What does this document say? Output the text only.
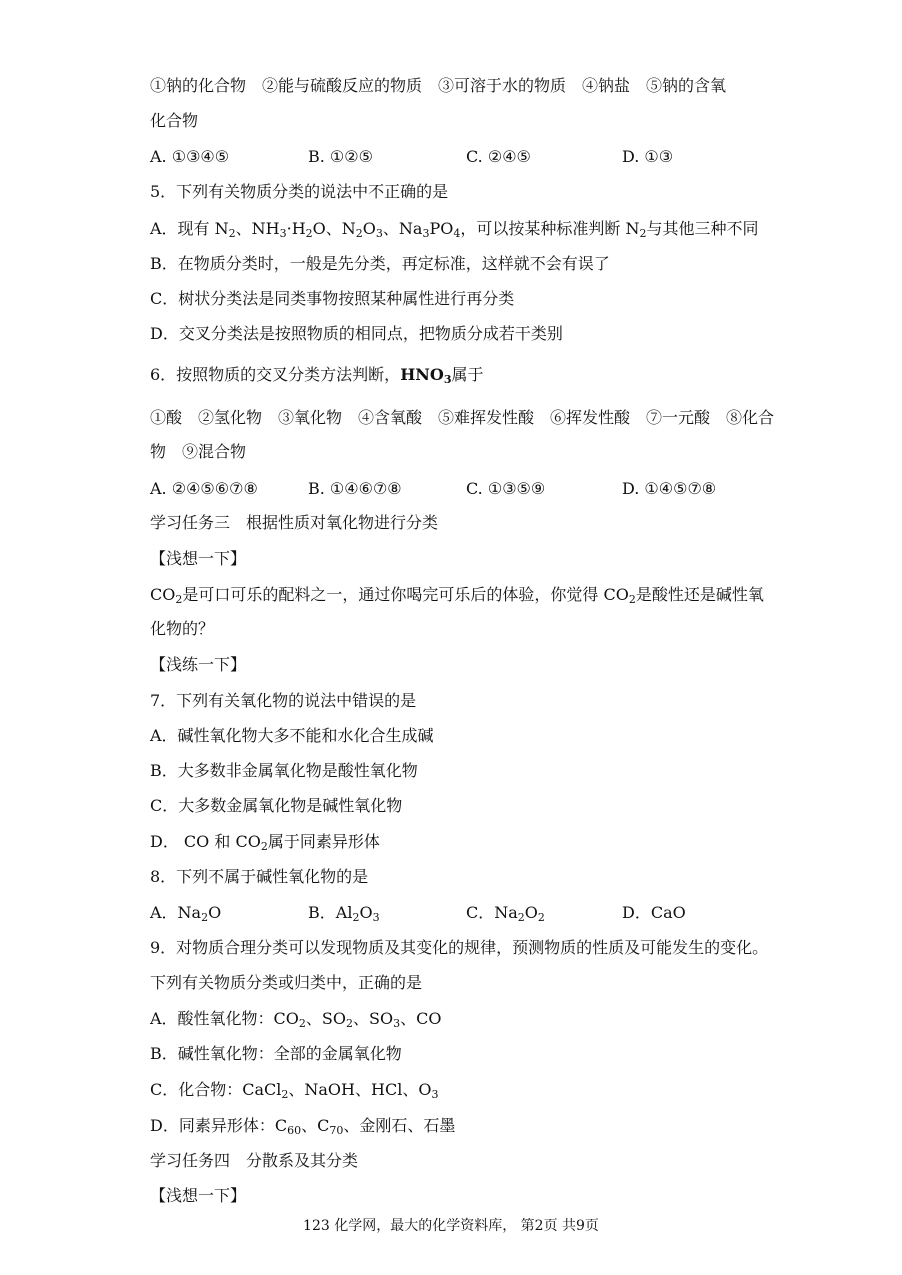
①钠的化合物　②能与硫酸反应的物质　③可溶于水的物质　④钠盐　⑤钠的含氧
化合物
A. ①③④⑤	B. ①②⑤	C. ②④⑤	D. ①③
5．下列有关物质分类的说法中不正确的是
A．现有 $N_2$、$NH_3\cdot H_2O$、$N_2O_3$、$Na_3PO_4$，可以按某种标准判断 $N_2$与其他三种不同
B．在物质分类时，一般是先分类，再定标准，这样就不会有误了
C．树状分类法是同类事物按照某种属性进行再分类
D．交叉分类法是按照物质的相同点，把物质分成若干类别
6．按照物质的交叉分类方法判断，$HNO_3$属于
①酸　②氢化物　③氧化物　④含氧酸　⑤难挥发性酸　⑥挥发性酸　⑦一元酸　⑧化合
物　⑨混合物
A. ②④⑤⑥⑦⑧	B. ①④⑥⑦⑧	C. ①③⑤⑨	D. ①④⑤⑦⑧
学习任务三　根据性质对氧化物进行分类
【浅想一下】
$CO_2$是可口可乐的配料之一，通过你喝完可乐后的体验，你觉得 $CO_2$是酸性还是碱性氧
化物的？
【浅练一下】
7．下列有关氧化物的说法中错误的是
A．碱性氧化物大多不能和水化合生成碱
B．大多数非金属氧化物是酸性氧化物
C．大多数金属氧化物是碱性氧化物
D． CO 和 $CO_2$属于同素异形体
8．下列不属于碱性氧化物的是
A．$Na_2O$	B．$Al_2O_3$	C．$Na_2O_2$	D．CaO
9．对物质合理分类可以发现物质及其变化的规律，预测物质的性质及可能发生的变化。
下列有关物质分类或归类中，正确的是
A．酸性氧化物：$CO_2$、$SO_2$、$SO_3$、CO
B．碱性氧化物：全部的金属氧化物
C．化合物：CaCl$_2$、NaOH、HCl、$O_3$
D．同素异形体：$C_{60}$、$C_{70}$、金刚石、石墨
学习任务四　分散系及其分类
【浅想一下】
123 化学网，最大的化学资料库， 第2页 共9页
